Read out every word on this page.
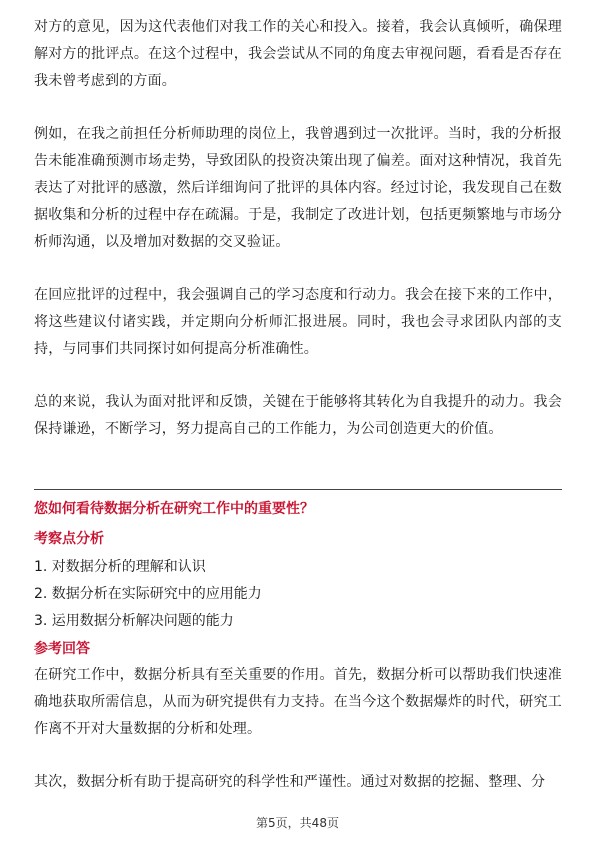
对方的意见，因为这代表他们对我工作的关心和投入。接着，我会认真倾听，确保理解对方的批评点。在这个过程中，我会尝试从不同的角度去审视问题，看看是否存在我未曾考虑到的方面。

例如，在我之前担任分析师助理的岗位上，我曾遇到过一次批评。当时，我的分析报告未能准确预测市场走势，导致团队的投资决策出现了偏差。面对这种情况，我首先表达了对批评的感激，然后详细询问了批评的具体内容。经过讨论，我发现自己在数据收集和分析的过程中存在疏漏。于是，我制定了改进计划，包括更频繁地与市场分析师沟通，以及增加对数据的交叉验证。

在回应批评的过程中，我会强调自己的学习态度和行动力。我会在接下来的工作中，将这些建议付诸实践，并定期向分析师汇报进展。同时，我也会寻求团队内部的支持，与同事们共同探讨如何提高分析准确性。

总的来说，我认为面对批评和反馈，关键在于能够将其转化为自我提升的动力。我会保持谦逊，不断学习，努力提高自己的工作能力，为公司创造更大的价值。

您如何看待数据分析在研究工作中的重要性？

考察点分析

1. 对数据分析的理解和认识

2. 数据分析在实际研究中的应用能力

3. 运用数据分析解决问题的能力

参考回答

在研究工作中，数据分析具有至关重要的作用。首先，数据分析可以帮助我们快速准确地获取所需信息，从而为研究提供有力支持。在当今这个数据爆炸的时代，研究工作离不开对大量数据的分析和处理。

其次，数据分析有助于提高研究的科学性和严谨性。通过对数据的挖掘、整理、分

第5页，共48页
